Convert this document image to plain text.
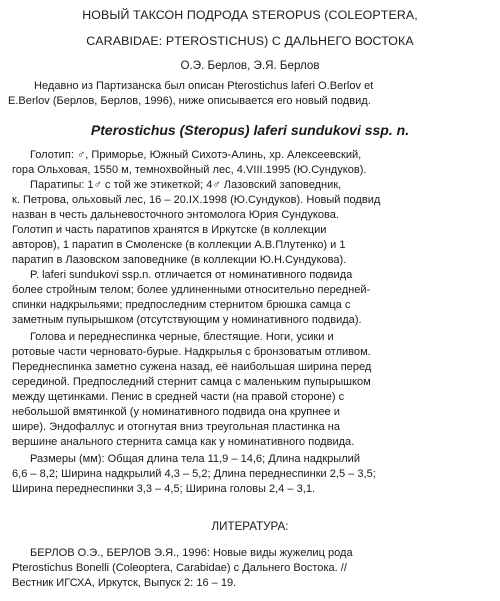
НОВЫЙ ТАКСОН ПОДРОДА STEROPUS (COLEOPTERA,
CARABIDAE: PTEROSTICHUS) С ДАЛЬНЕГО ВОСТОКА
О.Э. Берлов, Э.Я. Берлов
Недавно из Партизанска был описан Pterostichus laferi O.Berlov et
E.Berlov (Берлов, Берлов, 1996), ниже описывается его новый подвид.
Pterostichus (Steropus) laferi sundukovi ssp. n.
Голотип: ♂, Приморье, Южный Сихотэ-Алинь, хр. Алексеевский,
гора Ольховая, 1550 м, темнохвойный лес, 4.VIII.1995 (Ю.Сундуков).
Паратипы: 1♂ с той же этикеткой; 4♂ Лазовский заповедник,
к. Петрова, ольховый лес, 16 – 20.IX.1998 (Ю.Сундуков). Новый подвид
назван в честь дальневосточного энтомолога Юрия Сундукова.
Голотип и часть паратипов хранятся в Иркутске (в коллекции
авторов), 1 паратип в Смоленске (в коллекции А.В.Плутенко) и 1
паратип в Лазовском заповеднике (в коллекции Ю.Н.Сундукова).
P. laferi sundukovi ssp.n. отличается от номинативного подвида
более стройным телом; более удлиненными относительно передней-
спинки надкрыльями; предпоследним стернитом брюшка самца с
заметным пупырышком (отсутствующим у номинативного подвида).
Голова и переднеспинка черные, блестящие. Ноги, усики и
ротовые части черновато-бурые. Надкрылья с бронзоватым отливом.
Переднеспинка заметно сужена назад, её наибольшая ширина перед
серединой. Предпоследний стернит самца с маленьким пупырышком
между щетинками. Пенис в средней части (на правой стороне) с
небольшой вмятинкой (у номинативного подвида она крупнее и
шире). Эндофаллус и отогнутая вниз треугольная пластинка на
вершине анального стернита самца как у номинативного подвида.
Размеры (мм): Общая длина тела 11,9 – 14,6; Длина надкрылий
6,6 – 8,2; Ширина надкрылий 4,3 – 5,2; Длина переднеспинки 2,5 – 3,5;
Ширина переднеспинки 3,3 – 4,5; Ширина головы 2,4 – 3,1.
ЛИТЕРАТУРА:
БЕРЛОВ О.Э., БЕРЛОВ Э.Я., 1996: Новые виды жужелиц рода
Pterostichus Bonelli (Coleoptera, Carabidae) с Дальнего Востока. //
Вестник ИГСХА, Иркутск, Выпуск 2: 16 – 19.
